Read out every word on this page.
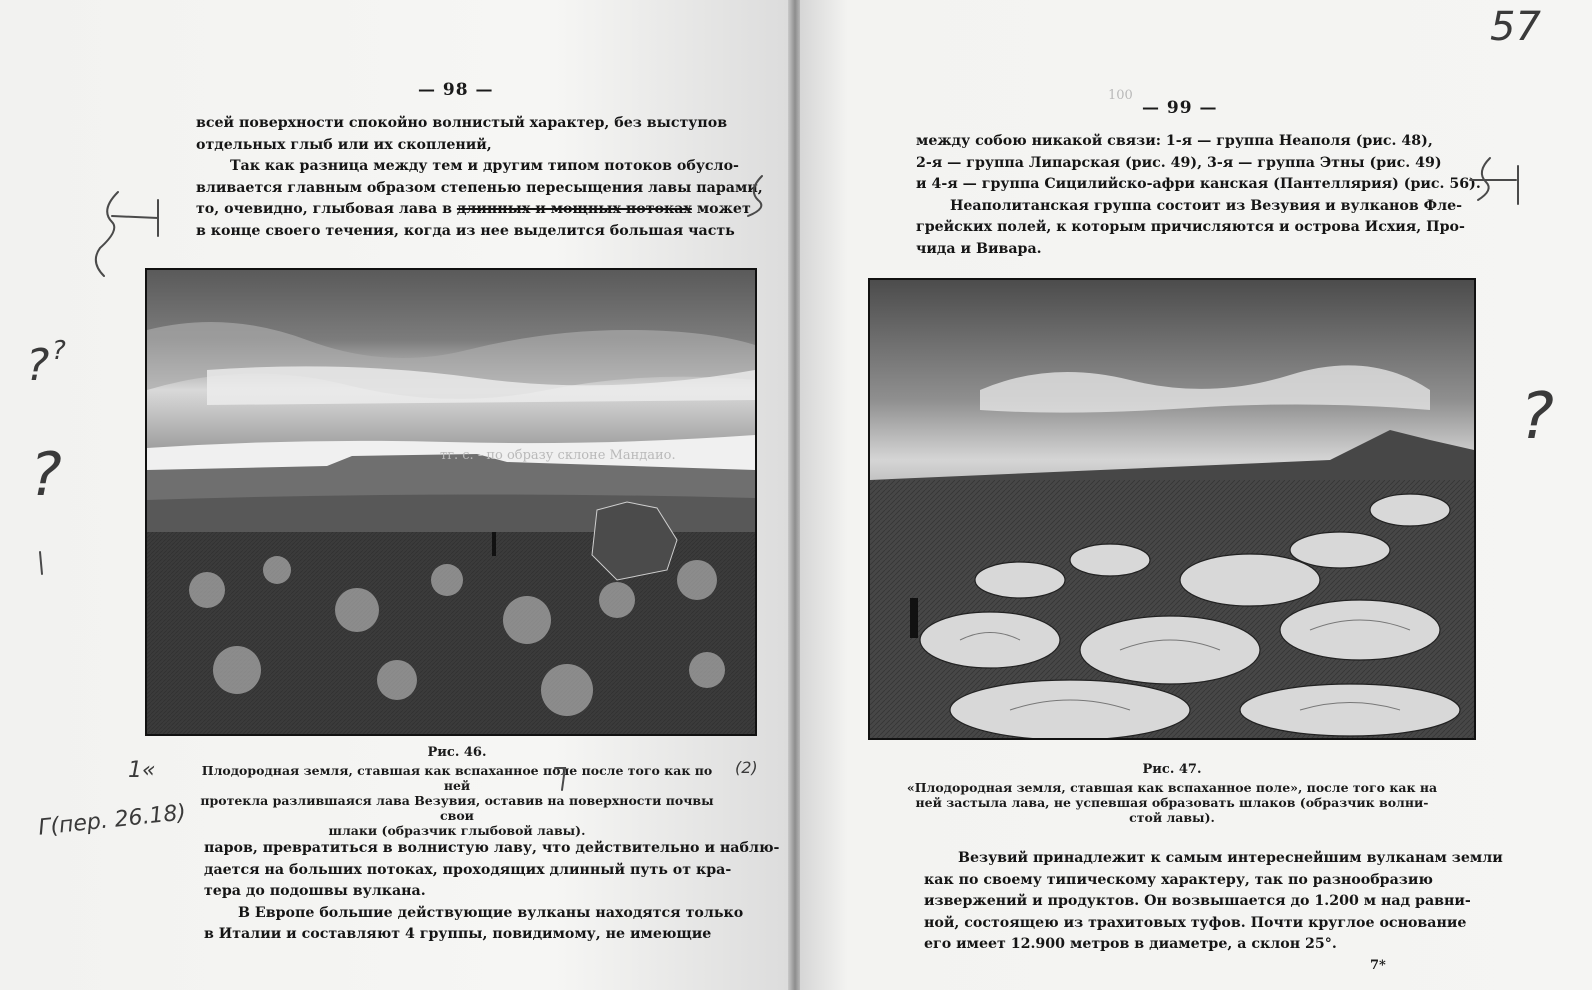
— 98 —
всей поверхности спокойно волнистый характер, без выступов
отдельных глыб или их скоплений,
Так как разница между тем и другим типом потоков обусло-
вливается главным образом степенью пересыщения лавы парами,
то, очевидно, глыбовая лава в длинных и мощных потоках может
в конце своего течения, когда из нее выделится большая часть
Рис. 46.
Плодородная земля, ставшая как вспаханное поле после того как по ней
протекла разлившаяся лава Везувия, оставив на поверхности почвы свои
шлаки (образчик глыбовой лавы).
тг. с. - по образу склоне Мандаио.
паров, превратиться в волнистую лаву, что действительно и наблю-
дается на больших потоках, проходящих длинный путь от кра-
тера до подошвы вулкана.
В Европе большие действующие вулканы находятся только
в Италии и составляют 4 группы, повидимому, не имеющие
100
— 99 —
между собою никакой связи: 1-я — группа Неаполя (рис. 48),
2-я — группа Липарская (рис. 49), 3-я — группа Этны (рис. 49)
и 4-я — группа Сицилийско-афри канская (Пантеллярия) (рис. 56).
Неаполитанская группа состоит из Везувия и вулканов Фле-
грейских полей, к которым причисляются и острова Исхия, Про-
чида и Вивара.
Рис. 47.
«Плодородная земля, ставшая как вспаханное поле», после того как на
ней застыла лава, не успевшая образовать шлаков (образчик волни-
стой лавы).
Везувий принадлежит к самым интереснейшим вулканам земли
как по своему типическому характеру, так по разнообразию
извержений и продуктов. Он возвышается до 1.200 м над равни-
ной, состоящею из трахитовых туфов. Почти круглое основание
его имеет 12.900 метров в диаметре, а склон 25°.
7*
57
? ?
?
Г(пер. 26.18)
1«	(2)
?
